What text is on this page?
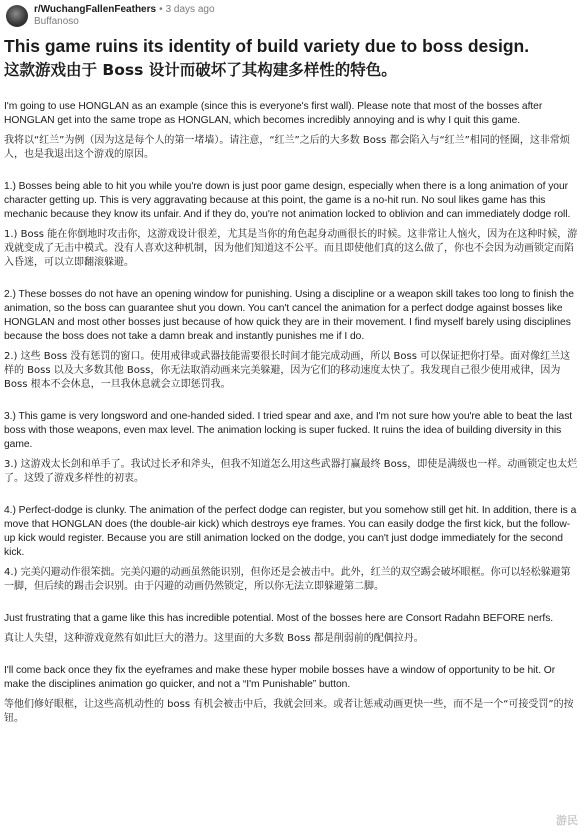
r/WuchangFallenFeathers • 3 days ago
Buffanoso
This game ruins its identity of build variety due to boss design.
这款游戏由于 Boss 设计而破坏了其构建多样性的特色。

I'm going to use HONGLAN as an example (since this is everyone's first wall). Please note that most of the bosses after HONGLAN get into the same trope as HONGLAN, which becomes incredibly annoying and is why I quit this game.

我将以“红兰”为例（因为这是每个人的第一堵墙）。请注意，“红兰”之后的大多数 Boss 都会陷入与“红兰”相同的怪圈，这非常烦人，也是我退出这个游戏的原因。

1.) Bosses being able to hit you while you're down is just poor game design, especially when there is a long animation of your character getting up. This is very aggravating because at this point, the game is a no-hit run. No soul likes game has this mechanic because they know its unfair. And if they do, you're not animation locked to oblivion and can immediately dodge roll.

1.) Boss 能在你倒地时攻击你，这游戏设计很差，尤其是当你的角色起身动画很长的时候。这非常让人恼火，因为在这种时候，游戏就变成了无击中模式。没有人喜欢这种机制，因为他们知道这不公平。而且即使他们真的这么做了，你也不会因为动画锁定而陷入昏迷，可以立即翻滚躲避。

2.) These bosses do not have an opening window for punishing. Using a discipline or a weapon skill takes too long to finish the animation, so the boss can guarantee shut you down. You can't cancel the animation for a perfect dodge against bosses like HONGLAN and most other bosses just because of how quick they are in their movement. I find myself barely using disciplines because the boss does not take a damn break and instantly punishes me if I do.

2.) 这些 Boss 没有惩罚的窗口。使用戒律或武器技能需要很长时间才能完成动画，所以 Boss 可以保证把你打晕。面对像红兰这样的 Boss 以及大多数其他 Boss，你无法取消动画来完美躲避，因为它们的移动速度太快了。我发现自己很少使用戒律，因为 Boss 根本不会休息，一旦我休息就会立即惩罚我。

3.) This game is very longsword and one-handed sided. I tried spear and axe, and I'm not sure how you're able to beat the last boss with those weapons, even max level. The animation locking is super fucked. It ruins the idea of building diversity in this game.

3.) 这游戏太长剑和单手了。我试过长矛和斧头，但我不知道怎么用这些武器打赢最终 Boss，即使是满级也一样。动画锁定也太烂了。这毁了游戏多样性的初衷。

4.) Perfect-dodge is clunky. The animation of the perfect dodge can register, but you somehow still get hit. In addition, there is a move that HONGLAN does (the double-air kick) which destroys eye frames. You can easily dodge the first kick, but the follow-up kick would register. Because you are still animation locked on the dodge, you can't just dodge immediately for the second kick.

4.) 完美闪避动作很笨拙。完美闪避的动画虽然能识别，但你还是会被击中。此外，红兰的双空踢会破坏眼框。你可以轻松躲避第一脚，但后续的踢击会识别。由于闪避的动画仍然锁定，所以你无法立即躲避第二脚。

Just frustrating that a game like this has incredible potential. Most of the bosses here are Consort Radahn BEFORE nerfs.

真让人失望，这种游戏竟然有如此巨大的潜力。这里面的大多数 Boss 都是削弱前的配偶拉丹。

I'll come back once they fix the eyeframes and make these hyper mobile bosses have a window of opportunity to be hit. Or make the disciplines animation go quicker, and not a “I'm Punishable” button.

等他们修好眼框，让这些高机动性的 boss 有机会被击中后，我就会回来。或者让惩戒动画更快一些，而不是一个“可接受罚”的按钮。

游民
